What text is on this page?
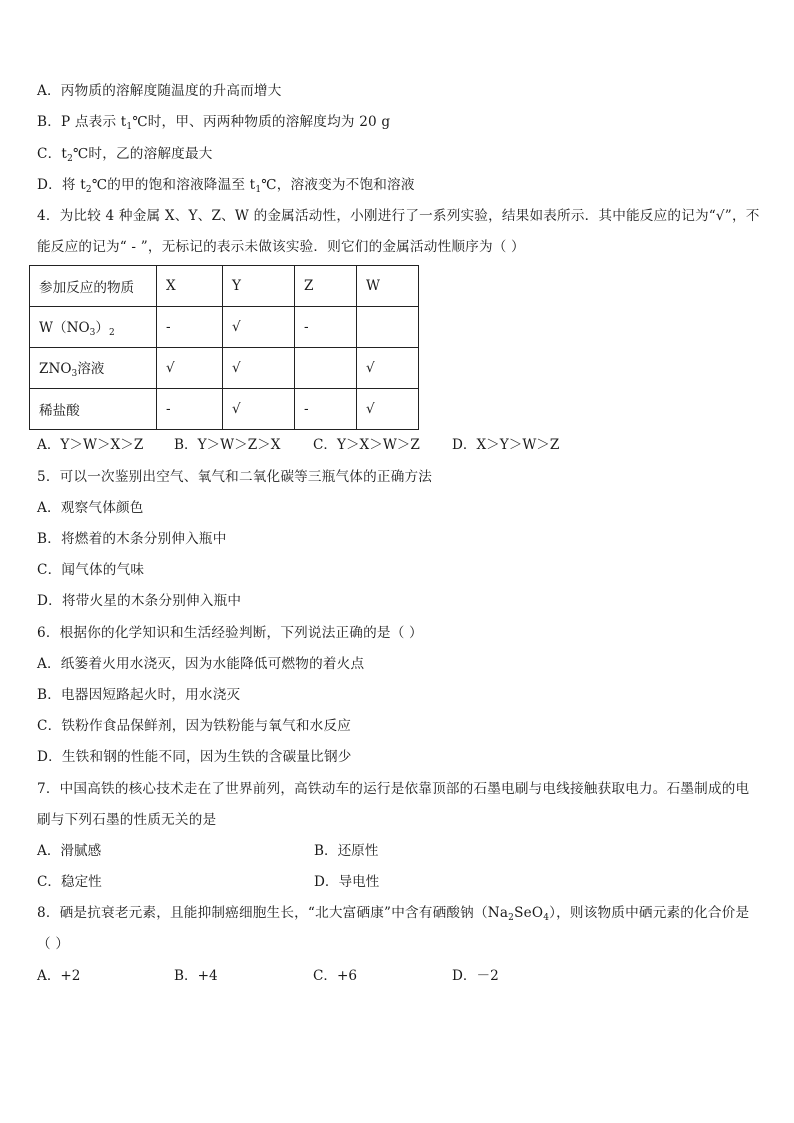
A．丙物质的溶解度随温度的升高而增大
B．P 点表示 $t_1℃$时，甲、丙两种物质的溶解度均为 20 g
C．$t_2℃$时，乙的溶解度最大
D．将 $t_2℃$的甲的饱和溶液降温至 $t_1℃$，溶液变为不饱和溶液
4．为比较 4 种金属 X、Y、Z、W 的金属活动性，小刚进行了一系列实验，结果如表所示．其中能反应的记为“√”，不
能反应的记为“ - ”，无标记的表示未做该实验．则它们的金属活动性顺序为（ ）
参加反应的物质	X	Y	Z	W
$W(NO_3)_2$	-	√	-	
$ZNO_3$溶液	√	√		√
稀盐酸	-	√	-	√
A．Y＞W＞X＞Z B．Y＞W＞Z＞X C．Y＞X＞W＞Z D．X＞Y＞W＞Z
5．可以一次鉴别出空气、氧气和二氧化碳等三瓶气体的正确方法
A．观察气体颜色
B．将燃着的木条分别伸入瓶中
C．闻气体的气味
D．将带火星的木条分别伸入瓶中
6．根据你的化学知识和生活经验判断，下列说法正确的是（ ）
A．纸篓着火用水浇灭，因为水能降低可燃物的着火点
B．电器因短路起火时，用水浇灭
C．铁粉作食品保鲜剂，因为铁粉能与氧气和水反应
D．生铁和钢的性能不同，因为生铁的含碳量比钢少
7．中国高铁的核心技术走在了世界前列，高铁动车的运行是依靠顶部的石墨电刷与电线接触获取电力。石墨制成的电
刷与下列石墨的性质无关的是
A．滑腻感	B．还原性
C．稳定性	D．导电性
8．硒是抗衰老元素，且能抑制癌细胞生长，“北大富硒康”中含有硒酸钠$(Na_2SeO_4)$，则该物质中硒元素的化合价是
（ ）
A．+2	B．+4	C．+6	D．－2
